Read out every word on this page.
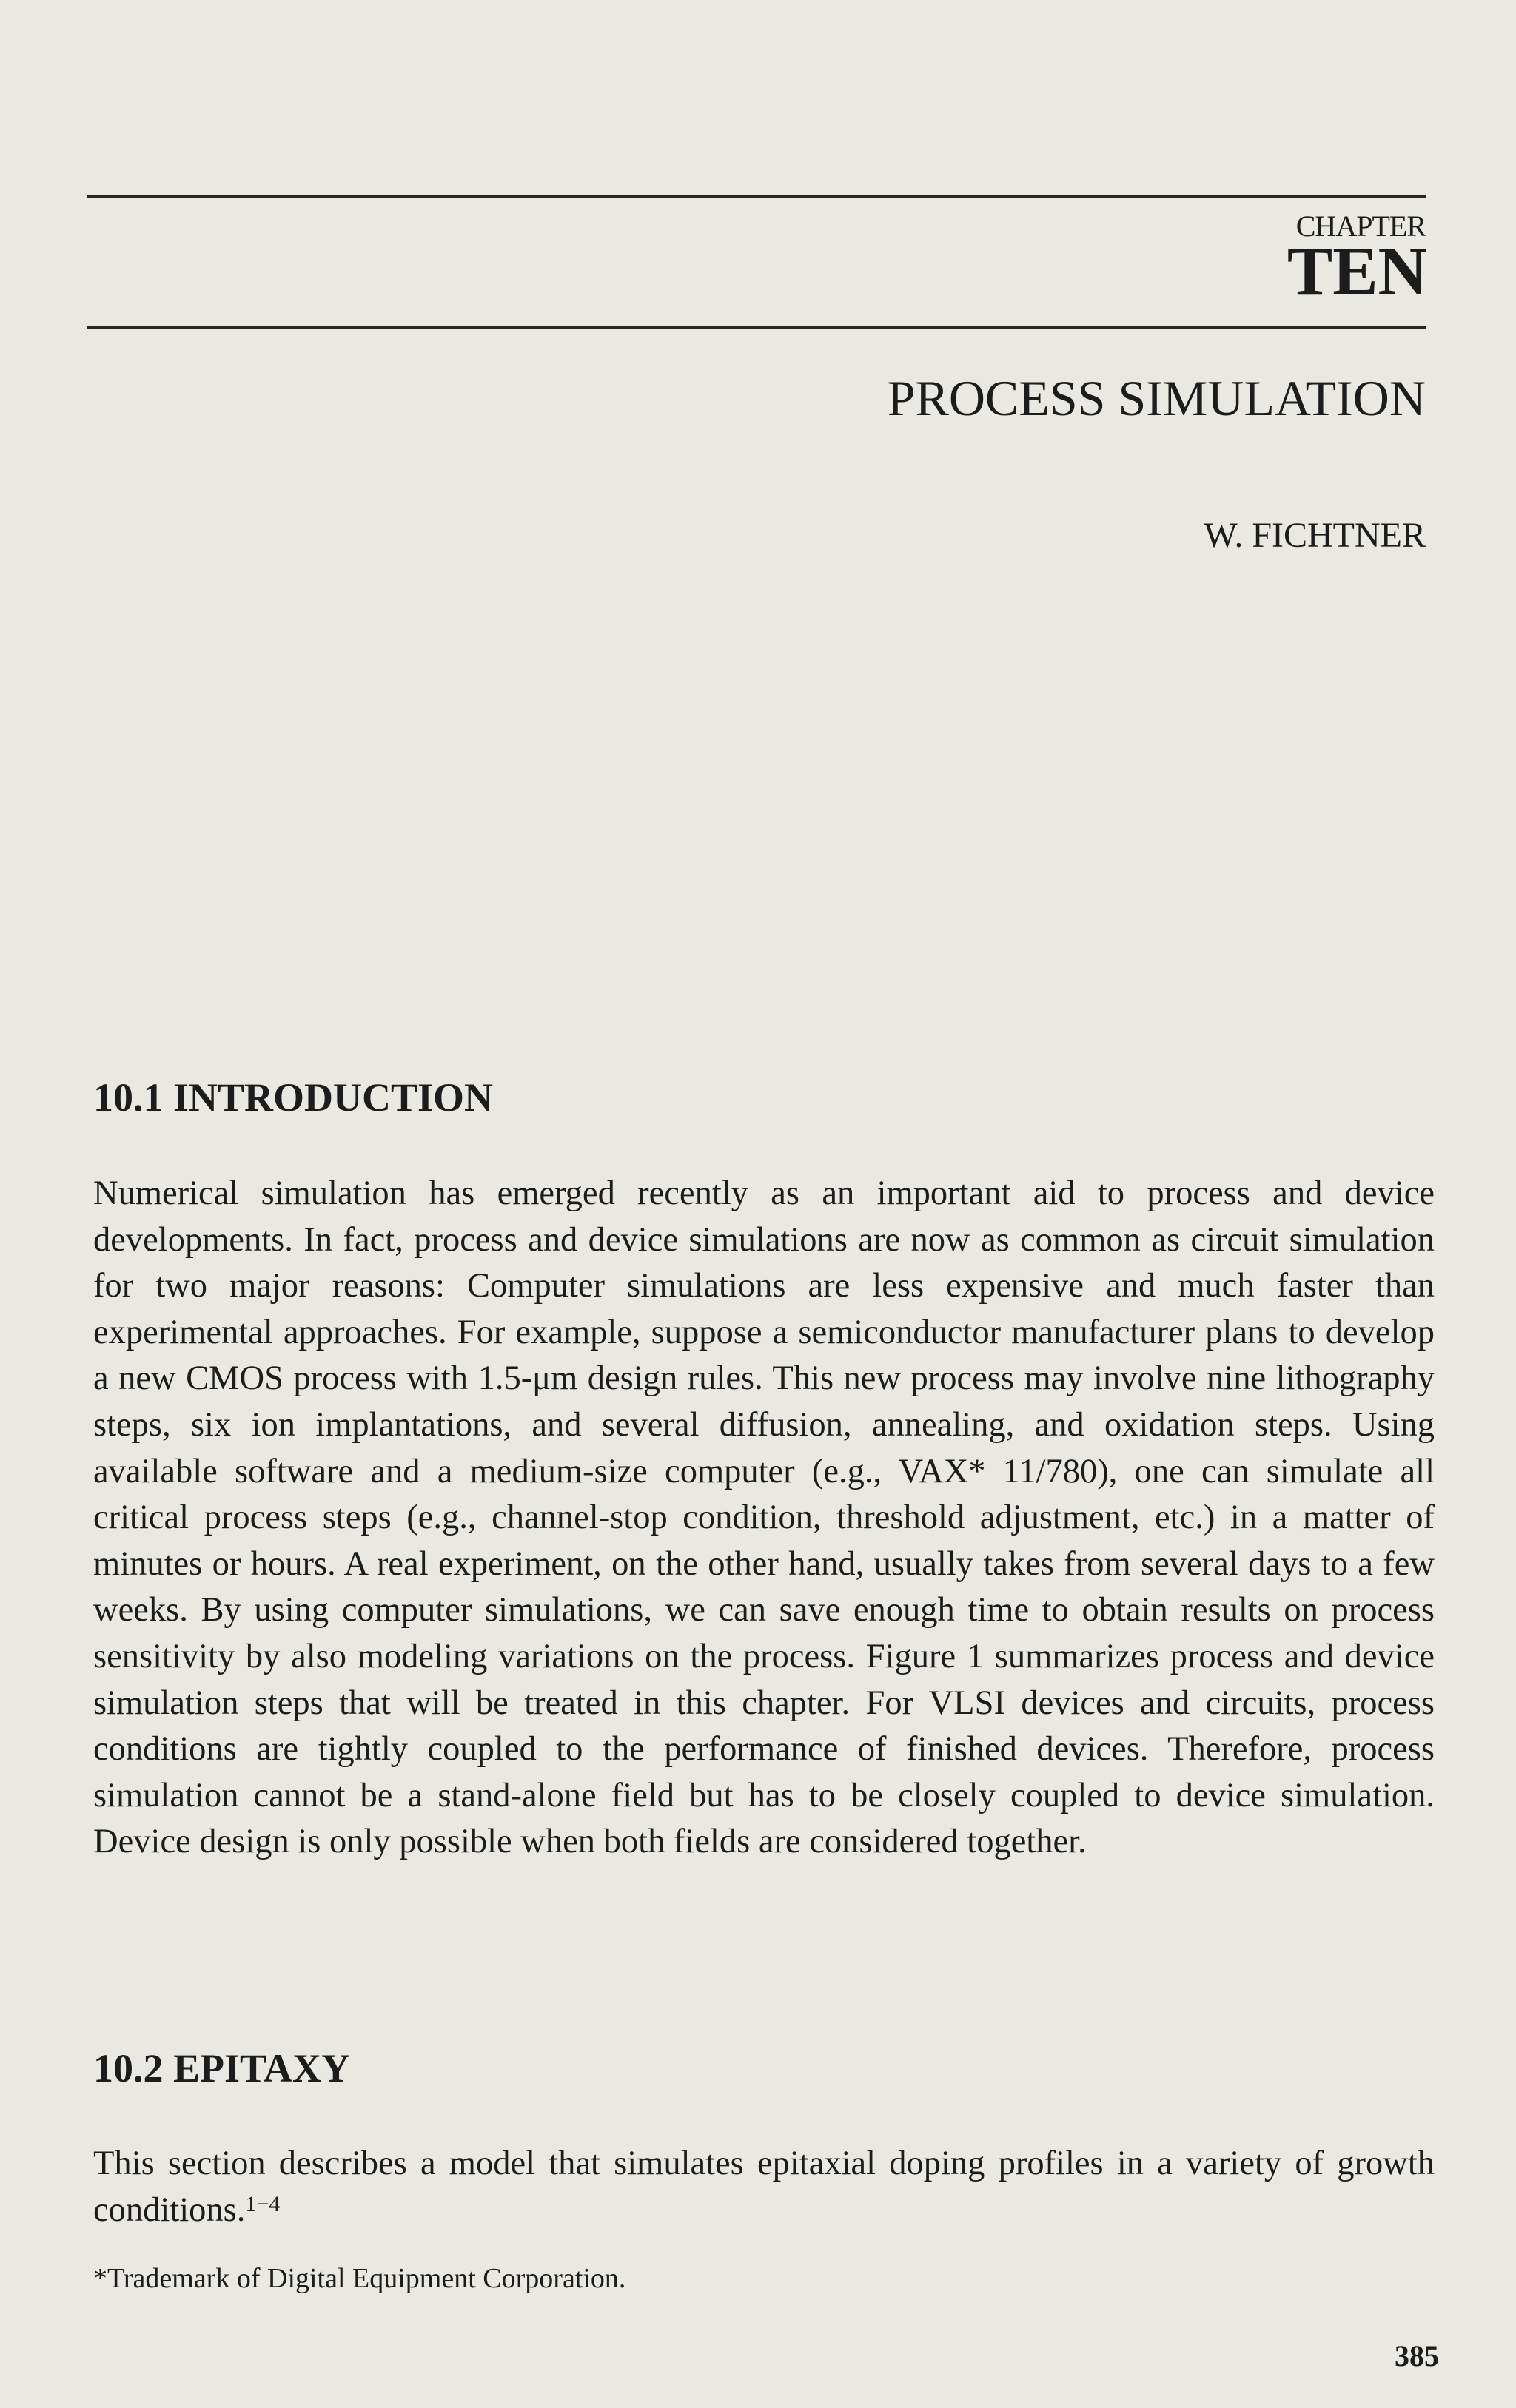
CHAPTER
TEN
PROCESS SIMULATION
W. FICHTNER
10.1 INTRODUCTION

Numerical simulation has emerged recently as an important aid to process and device developments. In fact, process and device simulations are now as common as circuit simulation for two major reasons: Computer simulations are less expensive and much faster than experimental approaches. For example, suppose a semiconductor manufacturer plans to develop a new CMOS process with 1.5-μm design rules. This new process may involve nine lithography steps, six ion implantations, and several diffusion, annealing, and oxidation steps. Using available software and a medium-size computer (e.g., VAX* 11/780), one can simulate all critical process steps (e.g., channel-stop condition, threshold adjustment, etc.) in a matter of minutes or hours. A real experiment, on the other hand, usually takes from several days to a few weeks. By using computer simulations, we can save enough time to obtain results on process sensitivity by also modeling variations on the process. Figure 1 summarizes process and device simulation steps that will be treated in this chapter. For VLSI devices and circuits, process conditions are tightly coupled to the performance of finished devices. Therefore, process simulation cannot be a stand-alone field but has to be closely coupled to device simulation. Device design is only possible when both fields are considered together.

10.2 EPITAXY

This section describes a model that simulates epitaxial doping profiles in a variety of growth conditions.$^{1-4}$

*Trademark of Digital Equipment Corporation.
385
